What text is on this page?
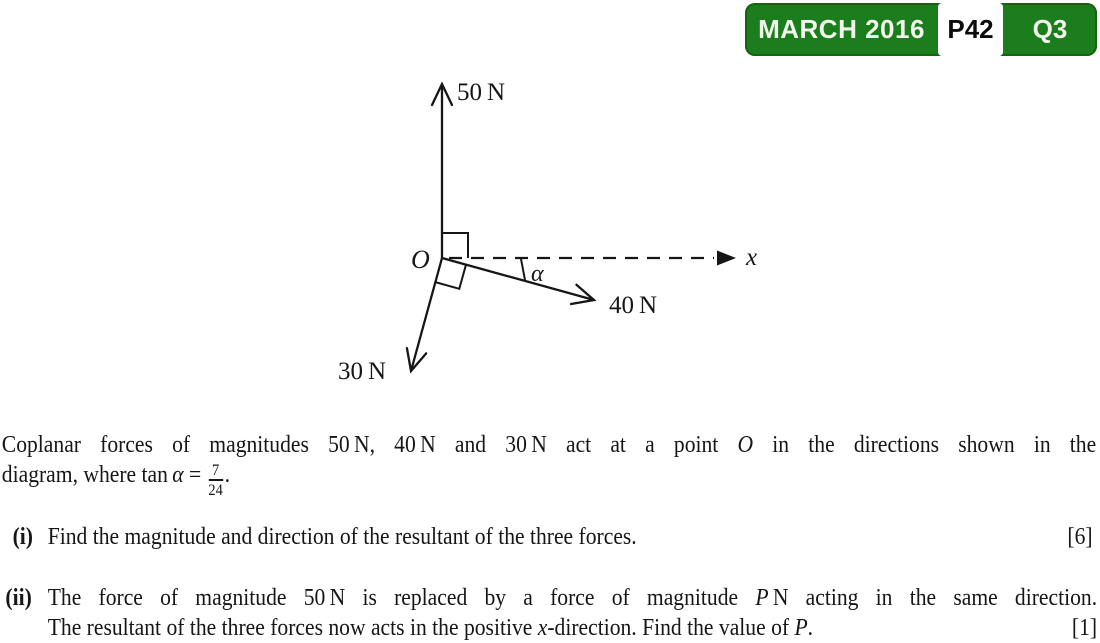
50 N
O	x
α
40 N
30 N
MARCH 2016 P42	Q3
Coplanar forces of magnitudes 50 N, 40 N and 30 N act at a point O in the directions shown in the
diagram, where $\tan \alpha = \frac{7}{24}$ .
(i) Find the magnitude and direction of the resultant of the three forces.	[6]
(ii) The force of magnitude 50 N is replaced by a force of magnitude P N acting in the same direction.
The resultant of the three forces now acts in the positive x-direction. Find the value of P.	[1]
